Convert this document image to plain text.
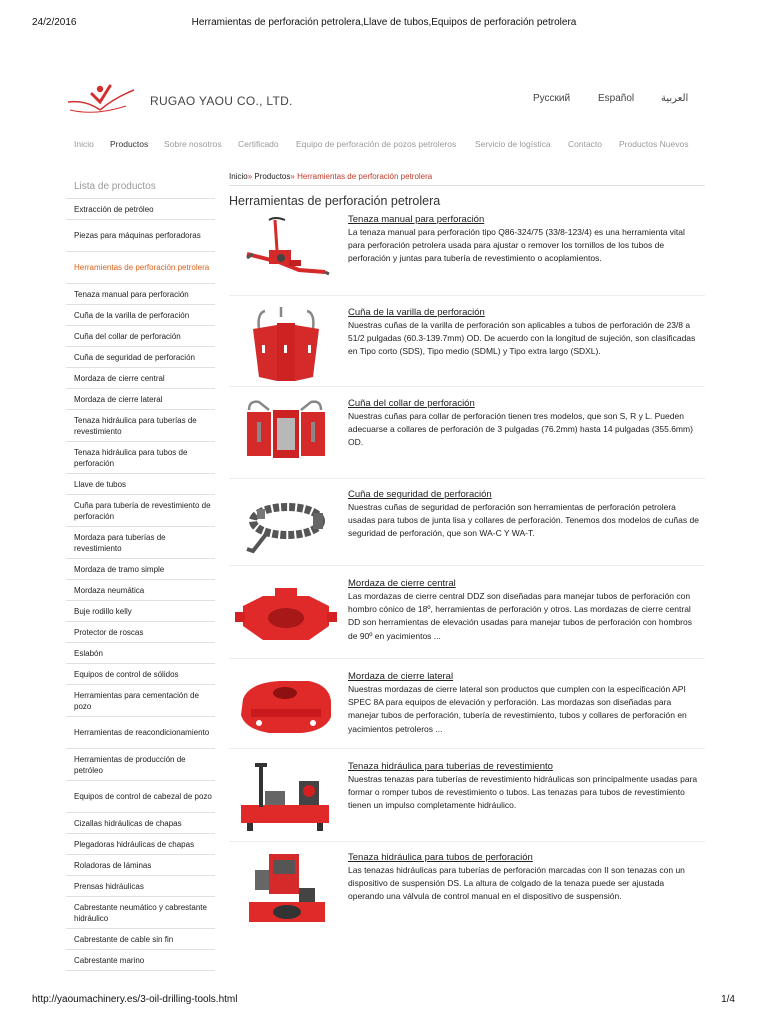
24/2/2016	Herramientas de perforación petrolera,Llave de tubos,Equipos de perforación petrolera
RUGAO YAOU CO., LTD.	Русский	Español	العربية
Inicio Productos Sobre nosotros Certificado Equipo de perforación de pozos petroleros Servicio de logística Contacto Productos Nuevos
Lista de productos
Extracción de petróleo
Piezas para máquinas perforadoras
Herramientas de perforación petrolera
Tenaza manual para perforación
Cuña de la varilla de perforación
Cuña del collar de perforación
Cuña de seguridad de perforación
Mordaza de cierre central
Mordaza de cierre lateral
Tenaza hidráulica para tuberías de revestimiento
Tenaza hidráulica para tubos de perforación
Llave de tubos
Cuña para tubería de revestimiento de perforación
Mordaza para tuberías de revestimiento
Mordaza de tramo simple
Mordaza neumática
Buje rodillo kelly
Protector de roscas
Eslabón
Equipos de control de sólidos
Herramientas para cementación de pozo
Herramientas de reacondicionamiento
Herramientas de producción de petróleo
Equipos de control de cabezal de pozo
Cizallas hidráulicas de chapas
Plegadoras hidráulicas de chapas
Roladoras de láminas
Prensas hidráulicas
Cabrestante neumático y cabrestante hidráulico
Cabrestante de cable sin fin
Cabrestante marino
Inicio» Productos» Herramientas de perforación petrolera
Herramientas de perforación petrolera
Tenaza manual para perforación
La tenaza manual para perforación tipo Q86-324/75 (33/8-123/4) es una herramienta vital para perforación petrolera usada para ajustar o remover los tornillos de los tubos de perforación y juntas para tubería de revestimiento o acoplamientos.
Cuña de la varilla de perforación
Nuestras cuñas de la varilla de perforación son aplicables a tubos de perforación de 23/8 a 51/2 pulgadas (60.3-139.7mm) OD. De acuerdo con la longitud de sujeción, son clasificadas en Tipo corto (SDS), Tipo medio (SDML) y Tipo extra largo (SDXL).
Cuña del collar de perforación
Nuestras cuñas para collar de perforación tienen tres modelos, que son S, R y L. Pueden adecuarse a collares de perforación de 3 pulgadas (76.2mm) hasta 14 pulgadas (355.6mm) OD.
Cuña de seguridad de perforación
Nuestras cuñas de seguridad de perforación son herramientas de perforación petrolera usadas para tubos de junta lisa y collares de perforación. Tenemos dos modelos de cuñas de seguridad de perforación, que son WA-C Y WA-T.
Mordaza de cierre central
Las mordazas de cierre central DDZ son diseñadas para manejar tubos de perforación con hombro cónico de 18º, herramientas de perforación y otros. Las mordazas de cierre central DD son herramientas de elevación usadas para manejar tubos de perforación con hombros de 90º en yacimientos ...
Mordaza de cierre lateral
Nuestras mordazas de cierre lateral son productos que cumplen con la especificación API SPEC 8A para equipos de elevación y perforación. Las mordazas son diseñadas para manejar tubos de perforación, tubería de revestimiento, tubos y collares de perforación en yacimientos petroleros ...
Tenaza hidráulica para tuberías de revestimiento
Nuestras tenazas para tuberías de revestimiento hidráulicas son principalmente usadas para formar o romper tubos de revestimiento o tubos. Las tenazas para tubos de revestimiento tienen un impulso completamente hidráulico.
Tenaza hidráulica para tubos de perforación
Las tenazas hidráulicas para tuberías de perforación marcadas con II son tenazas con un dispositivo de suspensión DS. La altura de colgado de la tenaza puede ser ajustada operando una válvula de control manual en el dispositivo de suspensión.
http://yaoumachinery.es/3-oil-drilling-tools.html	1/4
